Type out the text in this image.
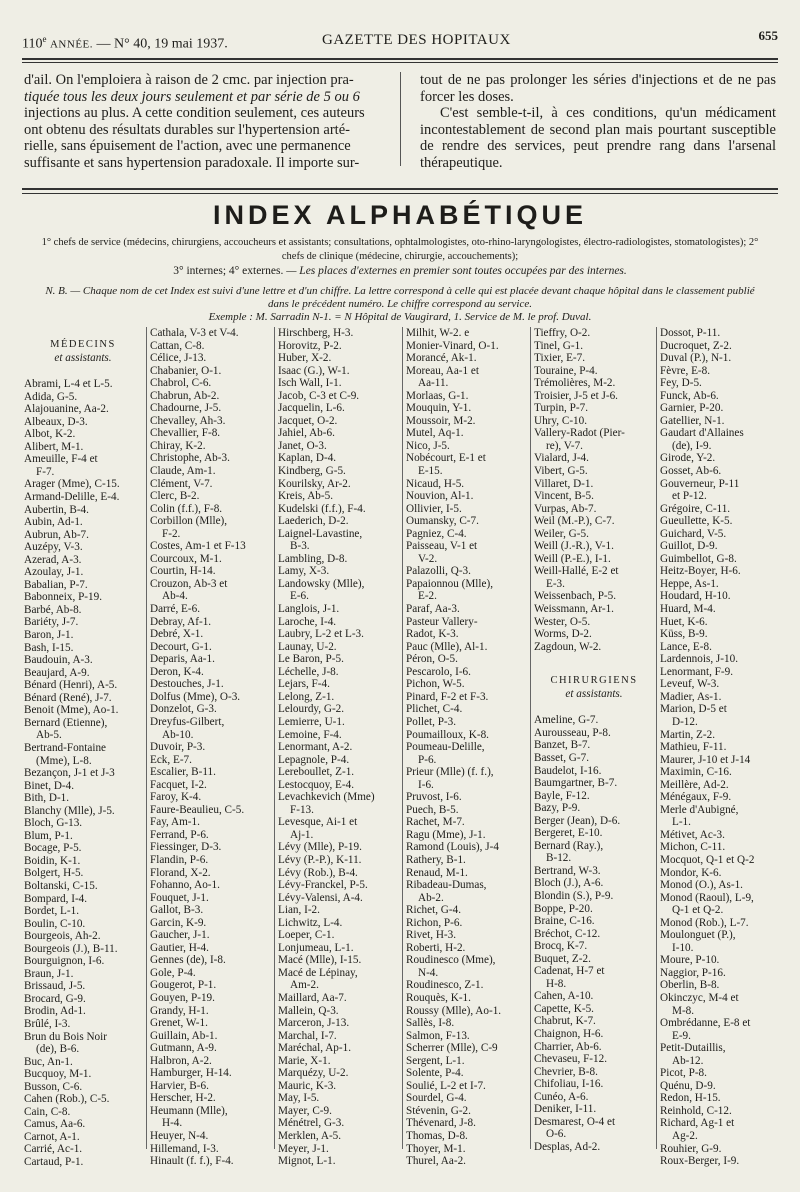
110e ANNÉE. — N° 40, 19 mai 1937.	GAZETTE DES HOPITAUX	655
d'ail. On l'emploiera à raison de 2 cmc. par injection pra-
tiquée tous les deux jours seulement et par série de 5 ou 6
injections au plus. A cette condition seulement, ces auteurs
ont obtenu des résultats durables sur l'hypertension arté-
rielle, sans épuisement de l'action, avec une permanence
suffisante et sans hypertension paradoxale. Il importe sur-

tout de ne pas prolonger les séries d'injections et de ne pas forcer les doses.

C'est semble-t-il, à ces conditions, qu'un médicament incontestablement de second plan mais pourtant susceptible de rendre des services, peut prendre rang dans l'arsenal thérapeutique.

INDEX ALPHABÉTIQUE
1° chefs de service (médecins, chirurgiens, accoucheurs et assistants; consultations, ophtalmologistes, oto-rhino-laryngologistes, électro-radiologistes, stomatologistes); 2° chefs de clinique (médecine, chirurgie, accouchements);
3° internes; 4° externes. — Les places d'externes en premier sont toutes occupées par des internes.
N. B. — Chaque nom de cet Index est suivi d'une lettre et d'un chiffre. La lettre correspond à celle qui est placée devant chaque hôpital dans le classement publié dans le précédent numéro. Le chiffre correspond au service.
Exemple : M. Sarradin N-1. = N Hôpital de Vaugirard, 1. Service de M. le prof. Duval.
MÉDECINS
et assistants.
Abrami, L-4 et L-5.
Adida, G-5.
Alajouanine, Aa-2.
Albeaux, D-3.
Albot, K-2.
Alibert, M-1.
Ameuille, F-4 et
F-7.
Arager (Mme), C-15.
Armand-Delille, E-4.
Aubertin, B-4.
Aubin, Ad-1.
Aubrun, Ab-7.
Auzépy, V-3.
Azerad, A-3.
Azoulay, J-1.
Babalian, P-7.
Babonneix, P-19.
Barbé, Ab-8.
Bariéty, J-7.
Baron, J-1.
Bash, I-15.
Baudouin, A-3.
Beaujard, A-9.
Bénard (Henri), A-5.
Bénard (René), J-7.
Benoit (Mme), Ao-1.
Bernard (Etienne),
Ab-5.
Bertrand-Fontaine
(Mme), L-8.
Bezançon, J-1 et J-3
Binet, D-4.
Bith, D-1.
Blanchy (Mlle), J-5.
Bloch, G-13.
Blum, P-1.
Bocage, P-5.
Boidin, K-1.
Bolgert, H-5.
Boltanski, C-15.
Bompard, I-4.
Bordet, L-1.
Boulin, C-10.
Bourgeois, Ah-2.
Bourgeois (J.), B-11.
Bourguignon, I-6.
Braun, J-1.
Brissaud, J-5.
Brocard, G-9.
Brodin, Ad-1.
Brûlé, I-3.
Brun du Bois Noir
(de), B-6.
Buc, An-1.
Bucquoy, M-1.
Busson, C-6.
Cahen (Rob.), C-5.
Cain, C-8.
Camus, Aa-6.
Carnot, A-1.
Carrié, Ac-1.
Cartaud, P-1.
Cathala, V-3 et V-4.
Cattan, C-8.
Célice, J-13.
Chabanier, O-1.
Chabrol, C-6.
Chabrun, Ab-2.
Chadourne, J-5.
Chevalley, Ah-3.
Chevallier, F-8.
Chiray, K-2.
Christophe, Ab-3.
Claude, Am-1.
Clément, V-7.
Clerc, B-2.
Colin (f.f.), F-8.
Corbillon (Mlle),
F-2.
Costes, Am-1 et F-13
Courcoux, M-1.
Courtin, H-14.
Crouzon, Ab-3 et
Ab-4.
Darré, E-6.
Debray, Af-1.
Debré, X-1.
Decourt, G-1.
Deparis, Aa-1.
Deron, K-4.
Destouches, J-1.
Dolfus (Mme), O-3.
Donzelot, G-3.
Dreyfus-Gilbert,
Ab-10.
Duvoir, P-3.
Eck, E-7.
Escalier, B-11.
Facquet, I-2.
Faroy, K-4.
Faure-Beaulieu, C-5.
Fay, Am-1.
Ferrand, P-6.
Fiessinger, D-3.
Flandin, P-6.
Florand, X-2.
Fohanno, Ao-1.
Fouquet, J-1.
Gallot, B-3.
Garcin, K-9.
Gaucher, J-1.
Gautier, H-4.
Gennes (de), I-8.
Gole, P-4.
Gougerot, P-1.
Gouyen, P-19.
Grandy, H-1.
Grenet, W-1.
Guillain, Ab-1.
Gutmann, A-9.
Halbron, A-2.
Hamburger, H-14.
Harvier, B-6.
Herscher, H-2.
Heumann (Mlle),
H-4.
Heuyer, N-4.
Hillemand, I-3.
Hinault (f. f.), F-4.
Hirschberg, H-3.
Horovitz, P-2.
Huber, X-2.
Isaac (G.), W-1.
Isch Wall, I-1.
Jacob, C-3 et C-9.
Jacquelin, L-6.
Jacquet, O-2.
Jahiel, Ab-6.
Janet, O-3.
Kaplan, D-4.
Kindberg, G-5.
Kourilsky, Ar-2.
Kreis, Ab-5.
Kudelski (f.f.), F-4.
Laederich, D-2.
Laignel-Lavastine,
B-3.
Lambling, D-8.
Lamy, X-3.
Landowsky (Mlle),
E-6.
Langlois, J-1.
Laroche, I-4.
Laubry, L-2 et L-3.
Launay, U-2.
Le Baron, P-5.
Léchelle, J-8.
Lejars, F-4.
Lelong, Z-1.
Lelourdy, G-2.
Lemierre, U-1.
Lemoine, F-4.
Lenormant, A-2.
Lepagnole, P-4.
Lereboullet, Z-1.
Lestocquoy, E-4.
Levachkevich (Mme)
F-13.
Levesque, Ai-1 et
Aj-1.
Lévy (Mlle), P-19.
Lévy (P.-P.), K-11.
Lévy (Rob.), B-4.
Lévy-Franckel, P-5.
Lévy-Valensi, A-4.
Lian, I-2.
Lichwitz, L-4.
Loeper, C-1.
Lonjumeau, L-1.
Macé (Mlle), I-15.
Macé de Lépinay,
Am-2.
Maillard, Aa-7.
Mallein, Q-3.
Marceron, J-13.
Marchal, I-7.
Maréchal, Ap-1.
Marie, X-1.
Marquézy, U-2.
Mauric, K-3.
May, I-5.
Mayer, C-9.
Ménétrel, G-3.
Merklen, A-5.
Meyer, J-1.
Mignot, L-1.
Milhit, W-2. e
Monier-Vinard, O-1.
Morancé, Ak-1.
Moreau, Aa-1 et
Aa-11.
Morlaas, G-1.
Mouquin, Y-1.
Moussoir, M-2.
Mutel, Aq-1.
Nico, J-5.
Nobécourt, E-1 et
E-15.
Nicaud, H-5.
Nouvion, Al-1.
Ollivier, I-5.
Oumansky, C-7.
Pagniez, C-4.
Paisseau, V-1 et
V-2.
Palazolli, Q-3.
Papaionnou (Mlle),
E-2.
Paraf, Aa-3.
Pasteur Vallery-
Radot, K-3.
Pauc (Mlle), Al-1.
Péron, O-5.
Pescarolo, I-6.
Pichon, W-5.
Pinard, F-2 et F-3.
Plichet, C-4.
Pollet, P-3.
Poumailloux, K-8.
Poumeau-Delille,
P-6.
Prieur (Mlle) (f. f.),
I-6.
Pruvost, I-6.
Puech, B-5.
Rachet, M-7.
Ragu (Mme), J-1.
Ramond (Louis), J-4
Rathery, B-1.
Renaud, M-1.
Ribadeau-Dumas,
Ab-2.
Richet, G-4.
Richon, P-6.
Rivet, H-3.
Roberti, H-2.
Roudinesco (Mme),
N-4.
Roudinesco, Z-1.
Rouquès, K-1.
Roussy (Mlle), Ao-1.
Sallès, I-8.
Salmon, F-13.
Scherrer (Mlle), C-9
Sergent, L-1.
Solente, P-4.
Soulié, L-2 et I-7.
Sourdel, G-4.
Stévenin, G-2.
Thévenard, J-8.
Thomas, D-8.
Thoyer, M-1.
Thurel, Aa-2.
Tieffry, O-2.
Tinel, G-1.
Tixier, E-7.
Touraine, P-4.
Trémolières, M-2.
Troisier, J-5 et J-6.
Turpin, P-7.
Uhry, C-10.
Vallery-Radot (Pier-
re), V-7.
Vialard, J-4.
Vibert, G-5.
Villaret, D-1.
Vincent, B-5.
Vurpas, Ab-7.
Weil (M.-P.), C-7.
Weiler, G-5.
Weill (J.-R.), V-1.
Weill (P.-E.), I-1.
Weill-Hallé, E-2 et
E-3.
Weissenbach, P-5.
Weissmann, Ar-1.
Wester, O-5.
Worms, D-2.
Zagdoun, W-2.
CHIRURGIENS
et assistants.
Ameline, G-7.
Aurousseau, P-8.
Banzet, B-7.
Basset, G-7.
Baudelot, I-16.
Baumgartner, B-7.
Bayle, F-12.
Bazy, P-9.
Berger (Jean), D-6.
Bergeret, E-10.
Bernard (Ray.),
B-12.
Bertrand, W-3.
Bloch (J.), A-6.
Blondin (S.), P-9.
Boppe, P-20.
Braine, C-16.
Bréchot, C-12.
Brocq, K-7.
Buquet, Z-2.
Cadenat, H-7 et
H-8.
Cahen, A-10.
Capette, K-5.
Chabrut, K-7.
Chaignon, H-6.
Charrier, Ab-6.
Chevaseu, F-12.
Chevrier, B-8.
Chifoliau, I-16.
Cunéo, A-6.
Deniker, I-11.
Desmarest, O-4 et
O-6.
Desplas, Ad-2.
Dossot, P-11.
Ducroquet, Z-2.
Duval (P.), N-1.
Fèvre, E-8.
Fey, D-5.
Funck, Ab-6.
Garnier, P-20.
Gatellier, N-1.
Gaudart d'Allaines
(de), I-9.
Girode, Y-2.
Gosset, Ab-6.
Gouverneur, P-11
et P-12.
Grégoire, C-11.
Gueullette, K-5.
Guichard, V-5.
Guillot, D-9.
Guimbellot, G-8.
Heitz-Boyer, H-6.
Heppe, As-1.
Houdard, H-10.
Huard, M-4.
Huet, K-6.
Küss, B-9.
Lance, E-8.
Lardennois, J-10.
Lenormant, F-9.
Leveuf, W-3.
Madier, As-1.
Marion, D-5 et
D-12.
Martin, Z-2.
Mathieu, F-11.
Maurer, J-10 et J-14
Maximin, C-16.
Meillère, Ad-2.
Ménégaux, F-9.
Merle d'Aubigné,
L-1.
Métivet, Ac-3.
Michon, C-11.
Mocquot, Q-1 et Q-2
Mondor, K-6.
Monod (O.), As-1.
Monod (Raoul), L-9,
Q-1 et Q-2.
Monod (Rob.), L-7.
Moulonguet (P.),
I-10.
Moure, P-10.
Naggior, P-16.
Oberlin, B-8.
Okinczyc, M-4 et
M-8.
Ombrédanne, E-8 et
E-9.
Petit-Dutaillis,
Ab-12.
Picot, P-8.
Quénu, D-9.
Redon, H-15.
Reinhold, C-12.
Richard, Ag-1 et
Ag-2.
Rouhier, G-9.
Roux-Berger, I-9.
